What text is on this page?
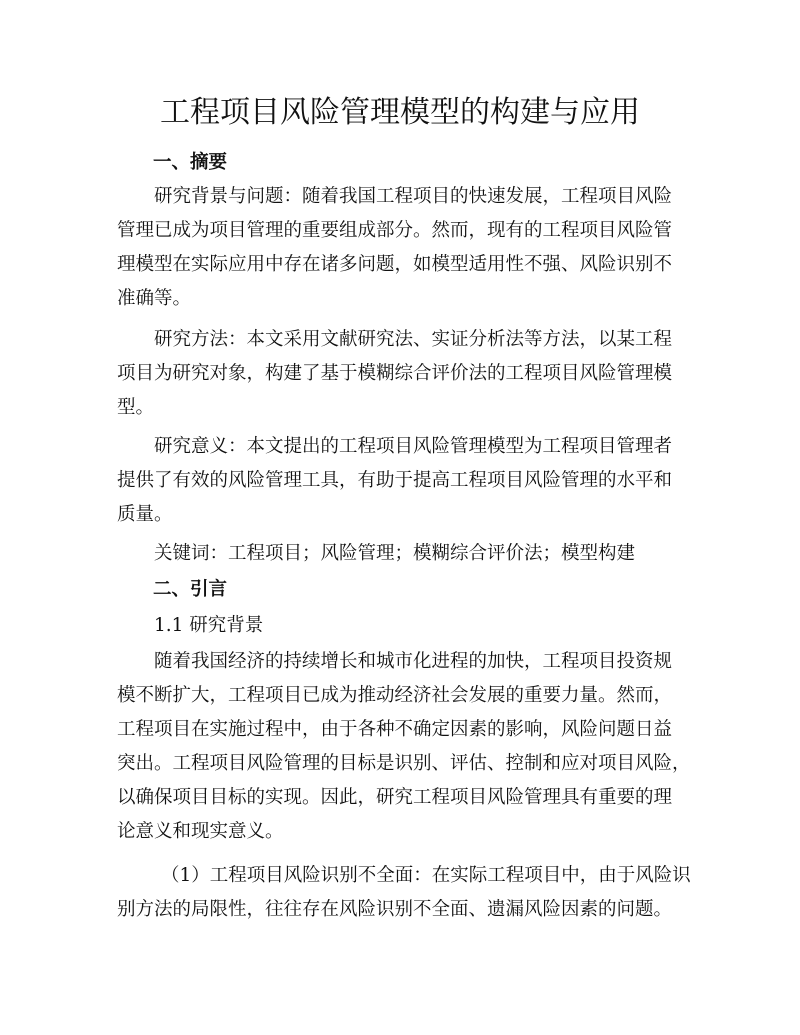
工程项目风险管理模型的构建与应用
一、摘要
研究背景与问题：随着我国工程项目的快速发展，工程项目风险
管理已成为项目管理的重要组成部分。然而，现有的工程项目风险管
理模型在实际应用中存在诸多问题，如模型适用性不强、风险识别不
准确等。
研究方法：本文采用文献研究法、实证分析法等方法，以某工程
项目为研究对象，构建了基于模糊综合评价法的工程项目风险管理模
型。
研究意义：本文提出的工程项目风险管理模型为工程项目管理者
提供了有效的风险管理工具，有助于提高工程项目风险管理的水平和
质量。
关键词：工程项目；风险管理；模糊综合评价法；模型构建
二、引言
1.1 研究背景
随着我国经济的持续增长和城市化进程的加快，工程项目投资规
模不断扩大，工程项目已成为推动经济社会发展的重要力量。然而，
工程项目在实施过程中，由于各种不确定因素的影响，风险问题日益
突出。工程项目风险管理的目标是识别、评估、控制和应对项目风险，
以确保项目目标的实现。因此，研究工程项目风险管理具有重要的理
论意义和现实意义。
（1）工程项目风险识别不全面：在实际工程项目中，由于风险识
别方法的局限性，往往存在风险识别不全面、遗漏风险因素的问题。
